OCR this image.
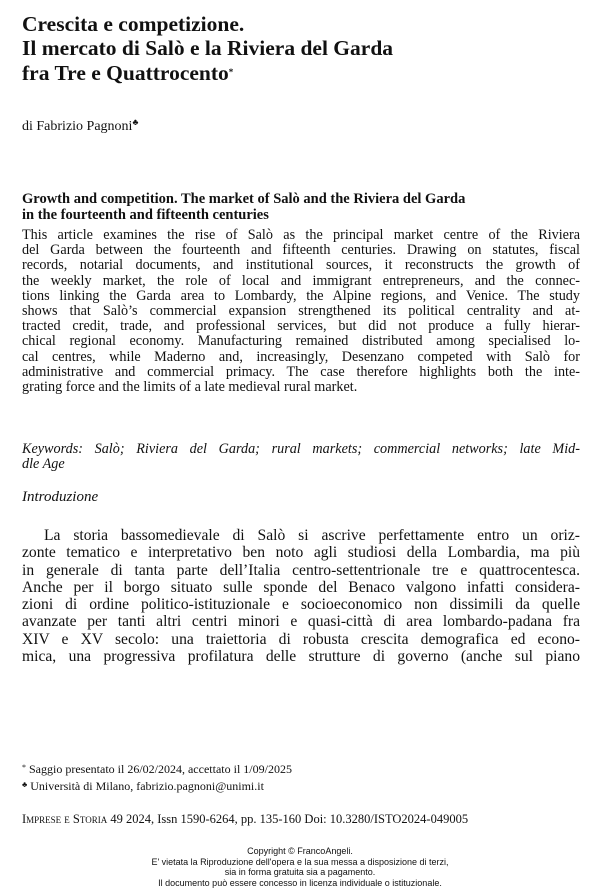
Crescita e competizione.
Il mercato di Salò e la Riviera del Garda
fra Tre e Quattrocento*
di Fabrizio Pagnoni♣
Growth and competition. The market of Salò and the Riviera del Garda
in the fourteenth and fifteenth centuries
This article examines the rise of Salò as the principal market centre of the Riviera
del Garda between the fourteenth and fifteenth centuries. Drawing on statutes, fiscal
records, notarial documents, and institutional sources, it reconstructs the growth of
the weekly market, the role of local and immigrant entrepreneurs, and the connec-
tions linking the Garda area to Lombardy, the Alpine regions, and Venice. The study
shows that Salò’s commercial expansion strengthened its political centrality and at-
tracted credit, trade, and professional services, but did not produce a fully hierar-
chical regional economy. Manufacturing remained distributed among specialised lo-
cal centres, while Maderno and, increasingly, Desenzano competed with Salò for
administrative and commercial primacy. The case therefore highlights both the inte-
grating force and the limits of a late medieval rural market.
Keywords: Salò; Riviera del Garda; rural markets; commercial networks; late Mid-
dle Age
Introduzione
La storia bassomedievale di Salò si ascrive perfettamente entro un oriz-
zonte tematico e interpretativo ben noto agli studiosi della Lombardia, ma più
in generale di tanta parte dell’Italia centro-settentrionale tre e quattrocentesca.
Anche per il borgo situato sulle sponde del Benaco valgono infatti considera-
zioni di ordine politico-istituzionale e socioeconomico non dissimili da quelle
avanzate per tanti altri centri minori e quasi-città di area lombardo-padana fra
XIV e XV secolo: una traiettoria di robusta crescita demografica ed econo-
mica, una progressiva profilatura delle strutture di governo (anche sul piano
* Saggio presentato il 26/02/2024, accettato il 1/09/2025
♣ Università di Milano, fabrizio.pagnoni@unimi.it
Imprese e Storia 49 2024, Issn 1590-6264, pp. 135-160 Doi: 10.3280/ISTO2024-049005
Copyright © FrancoAngeli.
E' vietata la Riproduzione dell'opera e la sua messa a disposizione di terzi,
sia in forma gratuita sia a pagamento.
Il documento può essere concesso in licenza individuale o istituzionale.
